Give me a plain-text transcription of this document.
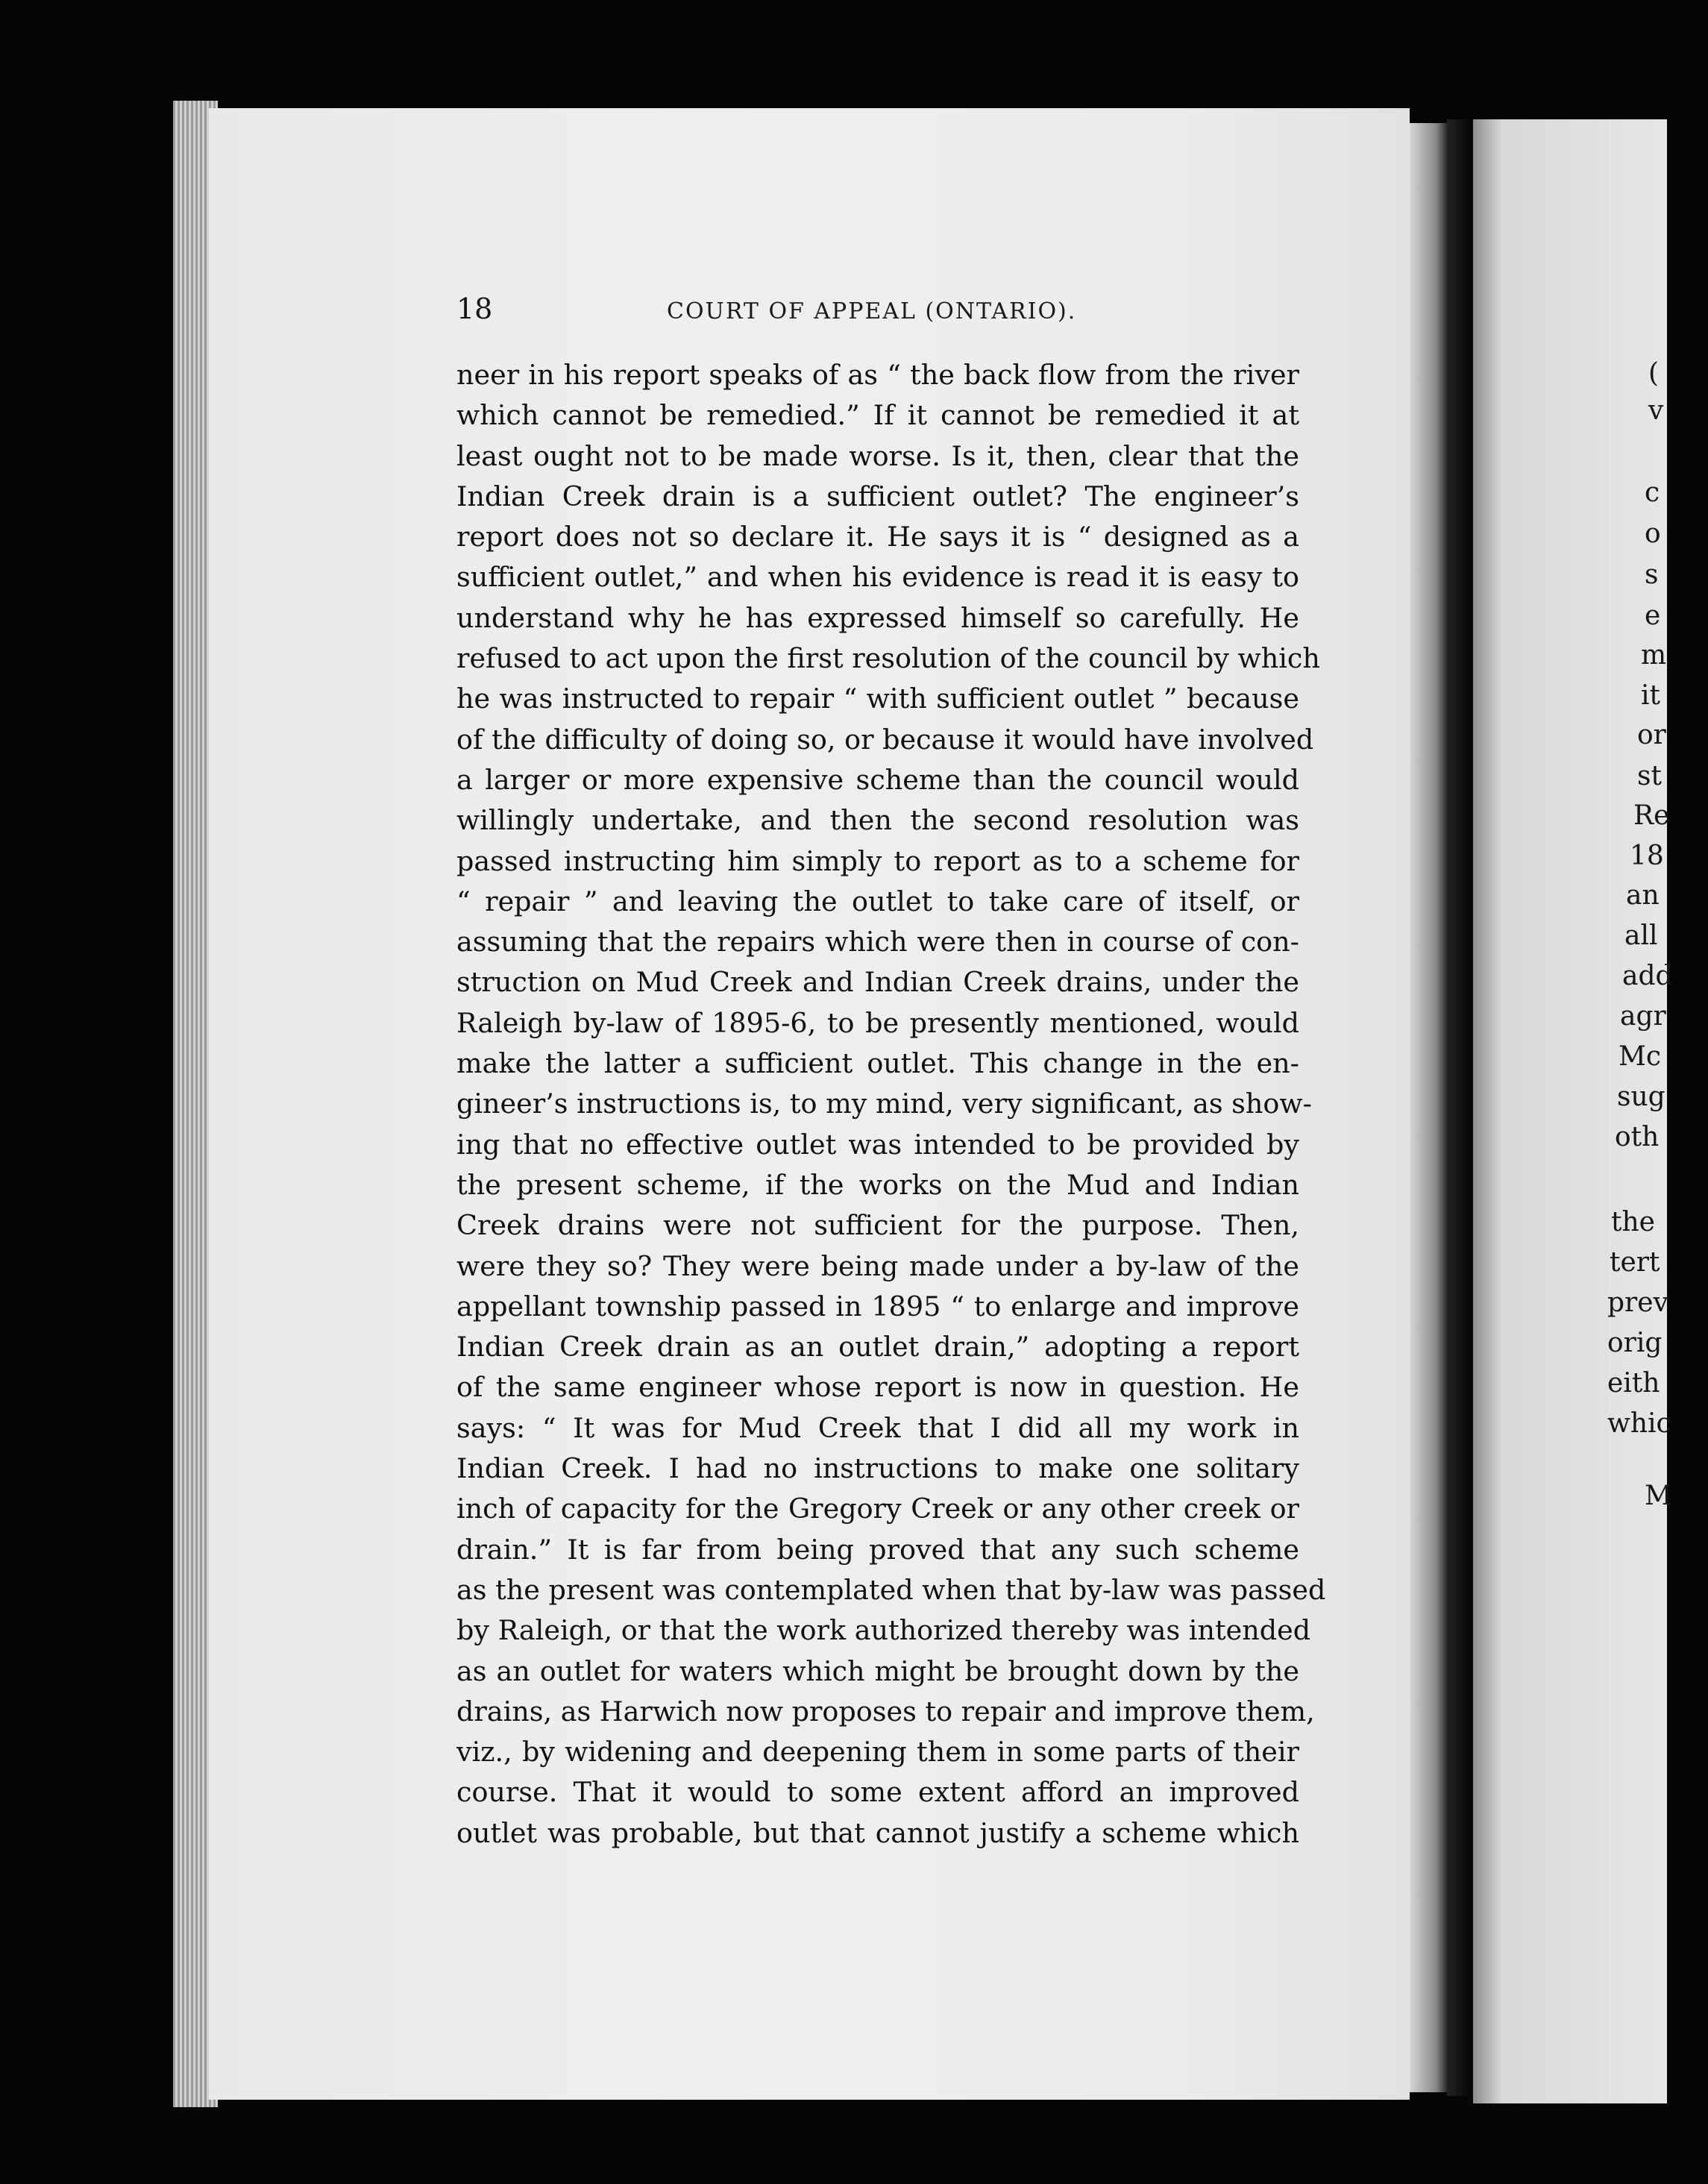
18	COURT OF APPEAL (ONTARIO).
neer in his report speaks of as “ the back flow from the river
which cannot be remedied.” If it cannot be remedied it at
least ought not to be made worse. Is it, then, clear that the
Indian Creek drain is a sufficient outlet? The engineer’s
report does not so declare it. He says it is “ designed as a
sufficient outlet,” and when his evidence is read it is easy to
understand why he has expressed himself so carefully. He
refused to act upon the first resolution of the council by which
he was instructed to repair “ with sufficient outlet ” because
of the difficulty of doing so, or because it would have involved
a larger or more expensive scheme than the council would
willingly undertake, and then the second resolution was
passed instructing him simply to report as to a scheme for
“ repair ” and leaving the outlet to take care of itself, or
assuming that the repairs which were then in course of con-
struction on Mud Creek and Indian Creek drains, under the
Raleigh by-law of 1895-6, to be presently mentioned, would
make the latter a sufficient outlet. This change in the en-
gineer’s instructions is, to my mind, very significant, as show-
ing that no effective outlet was intended to be provided by
the present scheme, if the works on the Mud and Indian
Creek drains were not sufficient for the purpose. Then,
were they so? They were being made under a by-law of the
appellant township passed in 1895 “ to enlarge and improve
Indian Creek drain as an outlet drain,” adopting a report
of the same engineer whose report is now in question. He
says: “ It was for Mud Creek that I did all my work in
Indian Creek. I had no instructions to make one solitary
inch of capacity for the Gregory Creek or any other creek or
drain.” It is far from being proved that any such scheme
as the present was contemplated when that by-law was passed
by Raleigh, or that the work authorized thereby was intended
as an outlet for waters which might be brought down by the
drains, as Harwich now proposes to repair and improve them,
viz., by widening and deepening them in some parts of their
course. That it would to some extent afford an improved
outlet was probable, but that cannot justify a scheme which
(
v
c
o
s
e
m
it
or
st
Re
18
an
all
add
agr
Mc
sug
oth
the
tert
prev
orig
eith
whic
M
